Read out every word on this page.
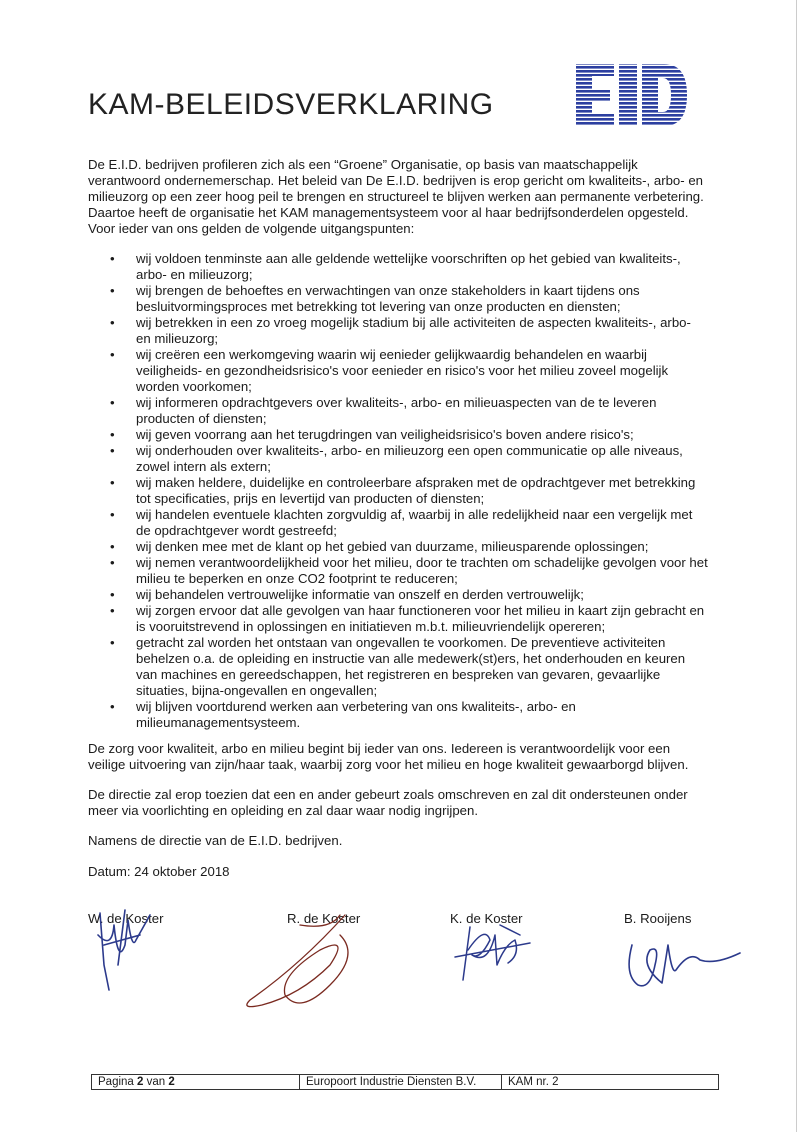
KAM-BELEIDSVERKLARING

De E.I.D. bedrijven profileren zich als een “Groene” Organisatie, op basis van maatschappelijk
verantwoord ondernemerschap. Het beleid van De E.I.D. bedrijven is erop gericht om kwaliteits-, arbo- en
milieuzorg op een zeer hoog peil te brengen en structureel te blijven werken aan permanente verbetering.
Daartoe heeft de organisatie het KAM managementsysteem voor al haar bedrijfsonderdelen opgesteld.
Voor ieder van ons gelden de volgende uitgangspunten:

• wij voldoen tenminste aan alle geldende wettelijke voorschriften op het gebied van kwaliteits-,
arbo- en milieuzorg;
• wij brengen de behoeftes en verwachtingen van onze stakeholders in kaart tijdens ons
besluitvormingsproces met betrekking tot levering van onze producten en diensten;
• wij betrekken in een zo vroeg mogelijk stadium bij alle activiteiten de aspecten kwaliteits-, arbo-
en milieuzorg;
• wij creëren een werkomgeving waarin wij eenieder gelijkwaardig behandelen en waarbij
veiligheids- en gezondheidsrisico's voor eenieder en risico's voor het milieu zoveel mogelijk
worden voorkomen;
• wij informeren opdrachtgevers over kwaliteits-, arbo- en milieuaspecten van de te leveren
producten of diensten;
• wij geven voorrang aan het terugdringen van veiligheidsrisico's boven andere risico's;
• wij onderhouden over kwaliteits-, arbo- en milieuzorg een open communicatie op alle niveaus,
zowel intern als extern;
• wij maken heldere, duidelijke en controleerbare afspraken met de opdrachtgever met betrekking
tot specificaties, prijs en levertijd van producten of diensten;
• wij handelen eventuele klachten zorgvuldig af, waarbij in alle redelijkheid naar een vergelijk met
de opdrachtgever wordt gestreefd;
• wij denken mee met de klant op het gebied van duurzame, milieusparende oplossingen;
• wij nemen verantwoordelijkheid voor het milieu, door te trachten om schadelijke gevolgen voor het
milieu te beperken en onze CO2 footprint te reduceren;
• wij behandelen vertrouwelijke informatie van onszelf en derden vertrouwelijk;
• wij zorgen ervoor dat alle gevolgen van haar functioneren voor het milieu in kaart zijn gebracht en
is vooruitstrevend in oplossingen en initiatieven m.b.t. milieuvriendelijk opereren;
• getracht zal worden het ontstaan van ongevallen te voorkomen. De preventieve activiteiten
behelzen o.a. de opleiding en instructie van alle medewerk(st)ers, het onderhouden en keuren
van machines en gereedschappen, het registreren en bespreken van gevaren, gevaarlijke
situaties, bijna-ongevallen en ongevallen;
• wij blijven voortdurend werken aan verbetering van ons kwaliteits-, arbo- en
milieumanagementsysteem.

De zorg voor kwaliteit, arbo en milieu begint bij ieder van ons. Iedereen is verantwoordelijk voor een
veilige uitvoering van zijn/haar taak, waarbij zorg voor het milieu en hoge kwaliteit gewaarborgd blijven.

De directie zal erop toezien dat een en ander gebeurt zoals omschreven en zal dit ondersteunen onder
meer via voorlichting en opleiding en zal daar waar nodig ingrijpen.

Namens de directie van de E.I.D. bedrijven.

Datum: 24 oktober 2018

W. de Koster	R. de Koster	K. de Koster	B. Rooijens
Pagina 2 van 2	Europoort Industrie Diensten B.V.	KAM nr. 2
